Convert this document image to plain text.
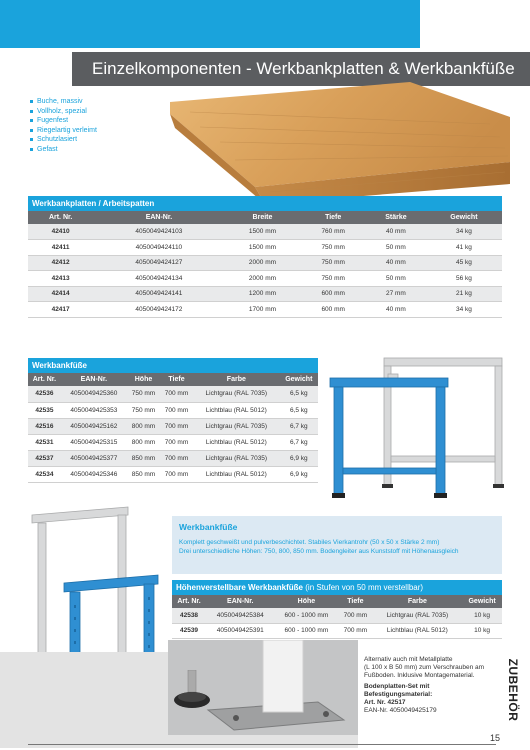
Einzelkomponenten - Werkbankplatten & Werkbankfüße
Buche, massiv
Vollholz, spezial
Fugenfest
Riegelartig verleimt
Schutzlasiert
Gefast
Werkbankplatten / Arbeitspatten					
Art. Nr.	EAN-Nr.	Breite	Tiefe	Stärke	Gewicht
42410	4050049424103	1500 mm	760 mm	40 mm	34 kg
42411	4050049424110	1500 mm	750 mm	50 mm	41 kg
42412	4050049424127	2000 mm	750 mm	40 mm	45 kg
42413	4050049424134	2000 mm	750 mm	50 mm	56 kg
42414	4050049424141	1200 mm	600 mm	27 mm	21 kg
42417	4050049424172	1700 mm	600 mm	40 mm	34 kg
Werkbankfüße					
Art. Nr.	EAN-Nr.	Höhe	Tiefe	Farbe	Gewicht
42536	4050049425360	750 mm	700 mm	Lichtgrau (RAL 7035)	6,5 kg
42535	4050049425353	750 mm	700 mm	Lichtblau (RAL 5012)	6,5 kg
42516	4050049425162	800 mm	700 mm	Lichtgrau (RAL 7035)	6,7 kg
42531	4050049425315	800 mm	700 mm	Lichtblau (RAL 5012)	6,7 kg
42537	4050049425377	850 mm	700 mm	Lichtgrau (RAL 7035)	6,9 kg
42534	4050049425346	850 mm	700 mm	Lichtblau (RAL 5012)	6,9 kg
Werkbankfüße
Komplett geschweißt und pulverbeschichtet. Stabiles Vierkantrohr (50 x 50 x Stärke 2 mm)
Drei unterschiedliche Höhen: 750, 800, 850 mm. Bodengleiter aus Kunststoff mit Höhenausgleich
Höhenverstellbare Werkbankfüße (in Stufen von 50 mm verstellbar)					
Art. Nr.	EAN-Nr.	Höhe	Tiefe	Farbe	Gewicht
42538	4050049425384	600 - 1000 mm	700 mm	Lichtgrau (RAL 7035)	10 kg
42539	4050049425391	600 - 1000 mm	700 mm	Lichtblau (RAL 5012)	10 kg
Alternativ auch mit Metallplatte
(L 100 x B 50 mm) zum Verschrauben am
Fußboden. Inklusive Montagematerial.
Bodenplatten-Set mit
Befestigungsmaterial:
Art. Nr. 42517
EAN-Nr. 4050049425179	ZUBEHÖR
15
